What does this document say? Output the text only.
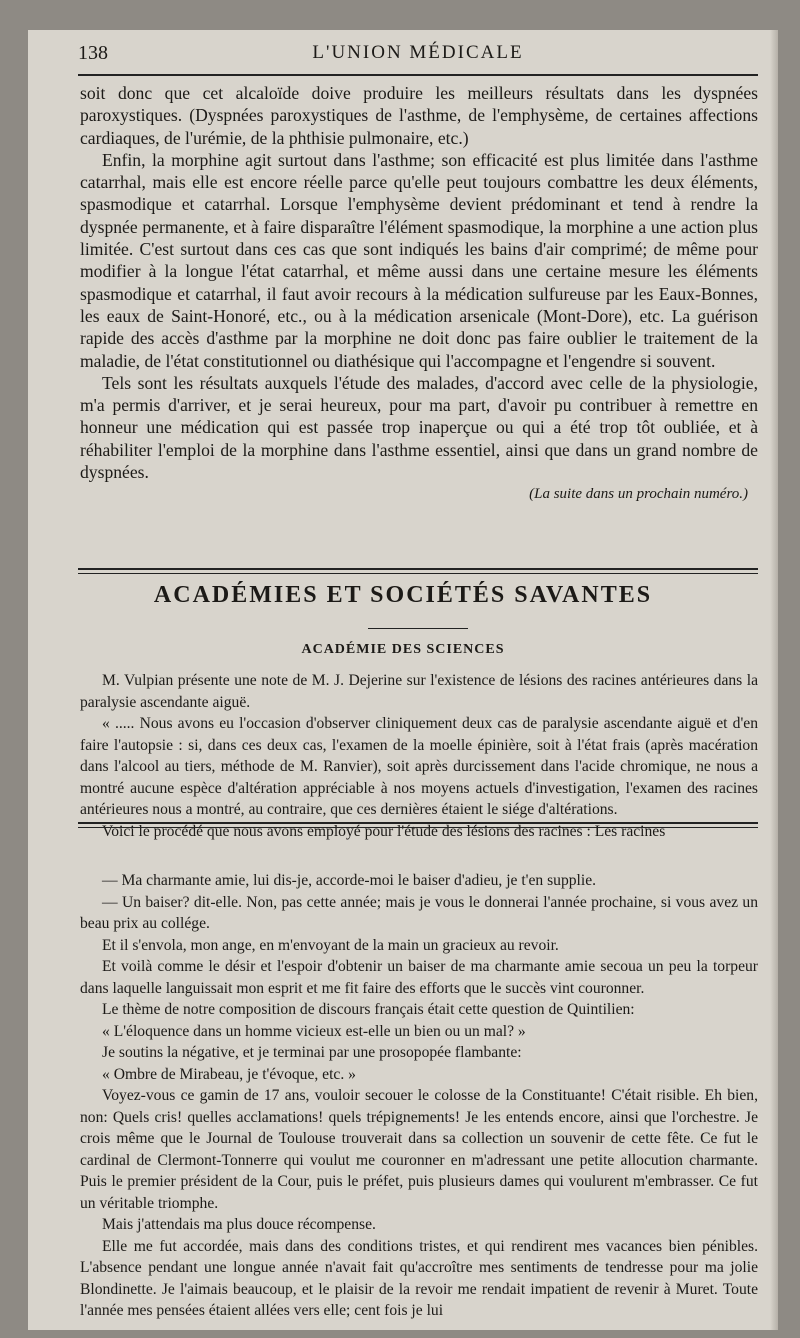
138	L'UNION MÉDICALE

soit donc que cet alcaloïde doive produire les meilleurs résultats dans les dyspnées paroxystiques. (Dyspnées paroxystiques de l'asthme, de l'emphysème, de certaines affections cardiaques, de l'urémie, de la phthisie pulmonaire, etc.)

Enfin, la morphine agit surtout dans l'asthme; son efficacité est plus limitée dans l'asthme catarrhal, mais elle est encore réelle parce qu'elle peut toujours combattre les deux éléments, spasmodique et catarrhal. Lorsque l'emphysème devient prédominant et tend à rendre la dyspnée permanente, et à faire disparaître l'élément spasmodique, la morphine a une action plus limitée. C'est surtout dans ces cas que sont indiqués les bains d'air comprimé; de même pour modifier à la longue l'état catarrhal, et même aussi dans une certaine mesure les éléments spasmodique et catarrhal, il faut avoir recours à la médication sulfureuse par les Eaux-Bonnes, les eaux de Saint-Honoré, etc., ou à la médication arsenicale (Mont-Dore), etc. La guérison rapide des accès d'asthme par la morphine ne doit donc pas faire oublier le traitement de la maladie, de l'état constitutionnel ou diathésique qui l'accompagne et l'engendre si souvent.

Tels sont les résultats auxquels l'étude des malades, d'accord avec celle de la physiologie, m'a permis d'arriver, et je serai heureux, pour ma part, d'avoir pu contribuer à remettre en honneur une médication qui est passée trop inaperçue ou qui a été trop tôt oubliée, et à réhabiliter l'emploi de la morphine dans l'asthme essentiel, ainsi que dans un grand nombre de dyspnées.

(La suite dans un prochain numéro.)

ACADÉMIES ET SOCIÉTÉS SAVANTES
ACADÉMIE DES SCIENCES

M. Vulpian présente une note de M. J. Dejerine sur l'existence de lésions des racines antérieures dans la paralysie ascendante aiguë.

« ..... Nous avons eu l'occasion d'observer cliniquement deux cas de paralysie ascendante aiguë et d'en faire l'autopsie : si, dans ces deux cas, l'examen de la moelle épinière, soit à l'état frais (après macération dans l'alcool au tiers, méthode de M. Ranvier), soit après durcissement dans l'acide chromique, ne nous a montré aucune espèce d'altération appréciable à nos moyens actuels d'investigation, l'examen des racines antérieures nous a montré, au contraire, que ces dernières étaient le siége d'altérations.

Voici le procédé que nous avons employé pour l'étude des lésions des racines : Les racines

— Ma charmante amie, lui dis-je, accorde-moi le baiser d'adieu, je t'en supplie.

— Un baiser? dit-elle. Non, pas cette année; mais je vous le donnerai l'année prochaine, si vous avez un beau prix au collége.

Et il s'envola, mon ange, en m'envoyant de la main un gracieux au revoir.

Et voilà comme le désir et l'espoir d'obtenir un baiser de ma charmante amie secoua un peu la torpeur dans laquelle languissait mon esprit et me fit faire des efforts que le succès vint couronner.

Le thème de notre composition de discours français était cette question de Quintilien:

« L'éloquence dans un homme vicieux est-elle un bien ou un mal? »

Je soutins la négative, et je terminai par une prosopopée flambante:

« Ombre de Mirabeau, je t'évoque, etc. »

Voyez-vous ce gamin de 17 ans, vouloir secouer le colosse de la Constituante! C'était risible. Eh bien, non: Quels cris! quelles acclamations! quels trépignements! Je les entends encore, ainsi que l'orchestre. Je crois même que le Journal de Toulouse trouverait dans sa collection un souvenir de cette fête. Ce fut le cardinal de Clermont-Tonnerre qui voulut me couronner en m'adressant une petite allocution charmante. Puis le premier président de la Cour, puis le préfet, puis plusieurs dames qui voulurent m'embrasser. Ce fut un véritable triomphe.

Mais j'attendais ma plus douce récompense.

Elle me fut accordée, mais dans des conditions tristes, et qui rendirent mes vacances bien pénibles. L'absence pendant une longue année n'avait fait qu'accroître mes sentiments de tendresse pour ma jolie Blondinette. Je l'aimais beaucoup, et le plaisir de la revoir me rendait impatient de revenir à Muret. Toute l'année mes pensées étaient allées vers elle; cent fois je lui
